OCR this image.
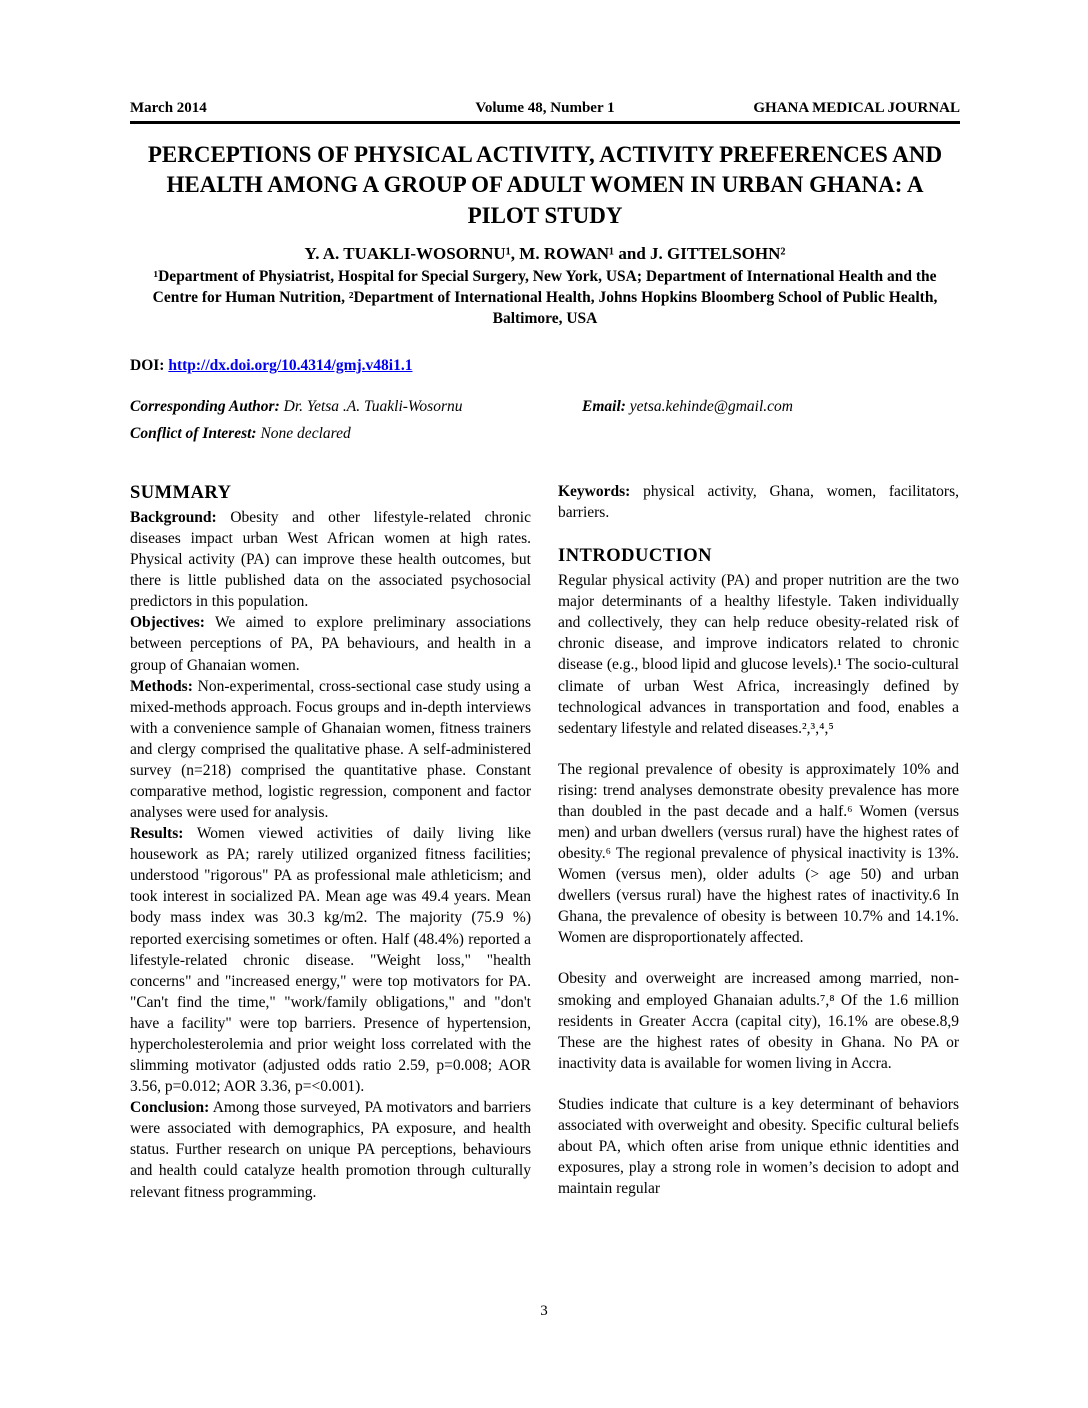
March 2014	Volume 48, Number 1	GHANA MEDICAL JOURNAL
PERCEPTIONS OF PHYSICAL ACTIVITY, ACTIVITY PREFERENCES AND HEALTH AMONG A GROUP OF ADULT WOMEN IN URBAN GHANA: A PILOT STUDY
Y. A. TUAKLI-WOSORNU¹, M. ROWAN¹ and J. GITTELSOHN²
¹Department of Physiatrist, Hospital for Special Surgery, New York, USA; Department of International Health and the Centre for Human Nutrition, ²Department of International Health, Johns Hopkins Bloomberg School of Public Health, Baltimore, USA
DOI: http://dx.doi.org/10.4314/gmj.v48i1.1
Corresponding Author: Dr. Yetsa .A. Tuakli-Wosornu	Email: yetsa.kehinde@gmail.com
Conflict of Interest: None declared
SUMMARY

Background: Obesity and other lifestyle-related chronic diseases impact urban West African women at high rates. Physical activity (PA) can improve these health outcomes, but there is little published data on the associated psychosocial predictors in this population.

Objectives: We aimed to explore preliminary associations between perceptions of PA, PA behaviours, and health in a group of Ghanaian women.

Methods: Non-experimental, cross-sectional case study using a mixed-methods approach. Focus groups and in-depth interviews with a convenience sample of Ghanaian women, fitness trainers and clergy comprised the qualitative phase. A self-administered survey (n=218) comprised the quantitative phase. Constant comparative method, logistic regression, component and factor analyses were used for analysis.

Results: Women viewed activities of daily living like housework as PA; rarely utilized organized fitness facilities; understood "rigorous" PA as professional male athleticism; and took interest in socialized PA. Mean age was 49.4 years. Mean body mass index was 30.3 kg/m2. The majority (75.9 %) reported exercising sometimes or often. Half (48.4%) reported a lifestyle-related chronic disease. "Weight loss," "health concerns" and "increased energy," were top motivators for PA. "Can't find the time," "work/family obligations," and "don't have a facility" were top barriers. Presence of hypertension, hypercholesterolemia and prior weight loss correlated with the slimming motivator (adjusted odds ratio 2.59, p=0.008; AOR 3.56, p=0.012; AOR 3.36, p=<0.001).

Conclusion: Among those surveyed, PA motivators and barriers were associated with demographics, PA exposure, and health status. Further research on unique PA perceptions, behaviours and health could catalyze health promotion through culturally relevant fitness programming.

Keywords: physical activity, Ghana, women, facilitators, barriers.

INTRODUCTION

Regular physical activity (PA) and proper nutrition are the two major determinants of a healthy lifestyle. Taken individually and collectively, they can help reduce obesity-related risk of chronic disease, and improve indicators related to chronic disease (e.g., blood lipid and glucose levels).¹ The socio-cultural climate of urban West Africa, increasingly defined by technological advances in transportation and food, enables a sedentary lifestyle and related diseases.²,³,⁴,⁵

The regional prevalence of obesity is approximately 10% and rising: trend analyses demonstrate obesity prevalence has more than doubled in the past decade and a half.⁶ Women (versus men) and urban dwellers (versus rural) have the highest rates of obesity.⁶ The regional prevalence of physical inactivity is 13%. Women (versus men), older adults (> age 50) and urban dwellers (versus rural) have the highest rates of inactivity.6 In Ghana, the prevalence of obesity is between 10.7% and 14.1%. Women are disproportionately affected.

Obesity and overweight are increased among married, non-smoking and employed Ghanaian adults.⁷,⁸ Of the 1.6 million residents in Greater Accra (capital city), 16.1% are obese.8,9 These are the highest rates of obesity in Ghana. No PA or inactivity data is available for women living in Accra.

Studies indicate that culture is a key determinant of behaviors associated with overweight and obesity. Specific cultural beliefs about PA, which often arise from unique ethnic identities and exposures, play a strong role in women’s decision to adopt and maintain regular

3
